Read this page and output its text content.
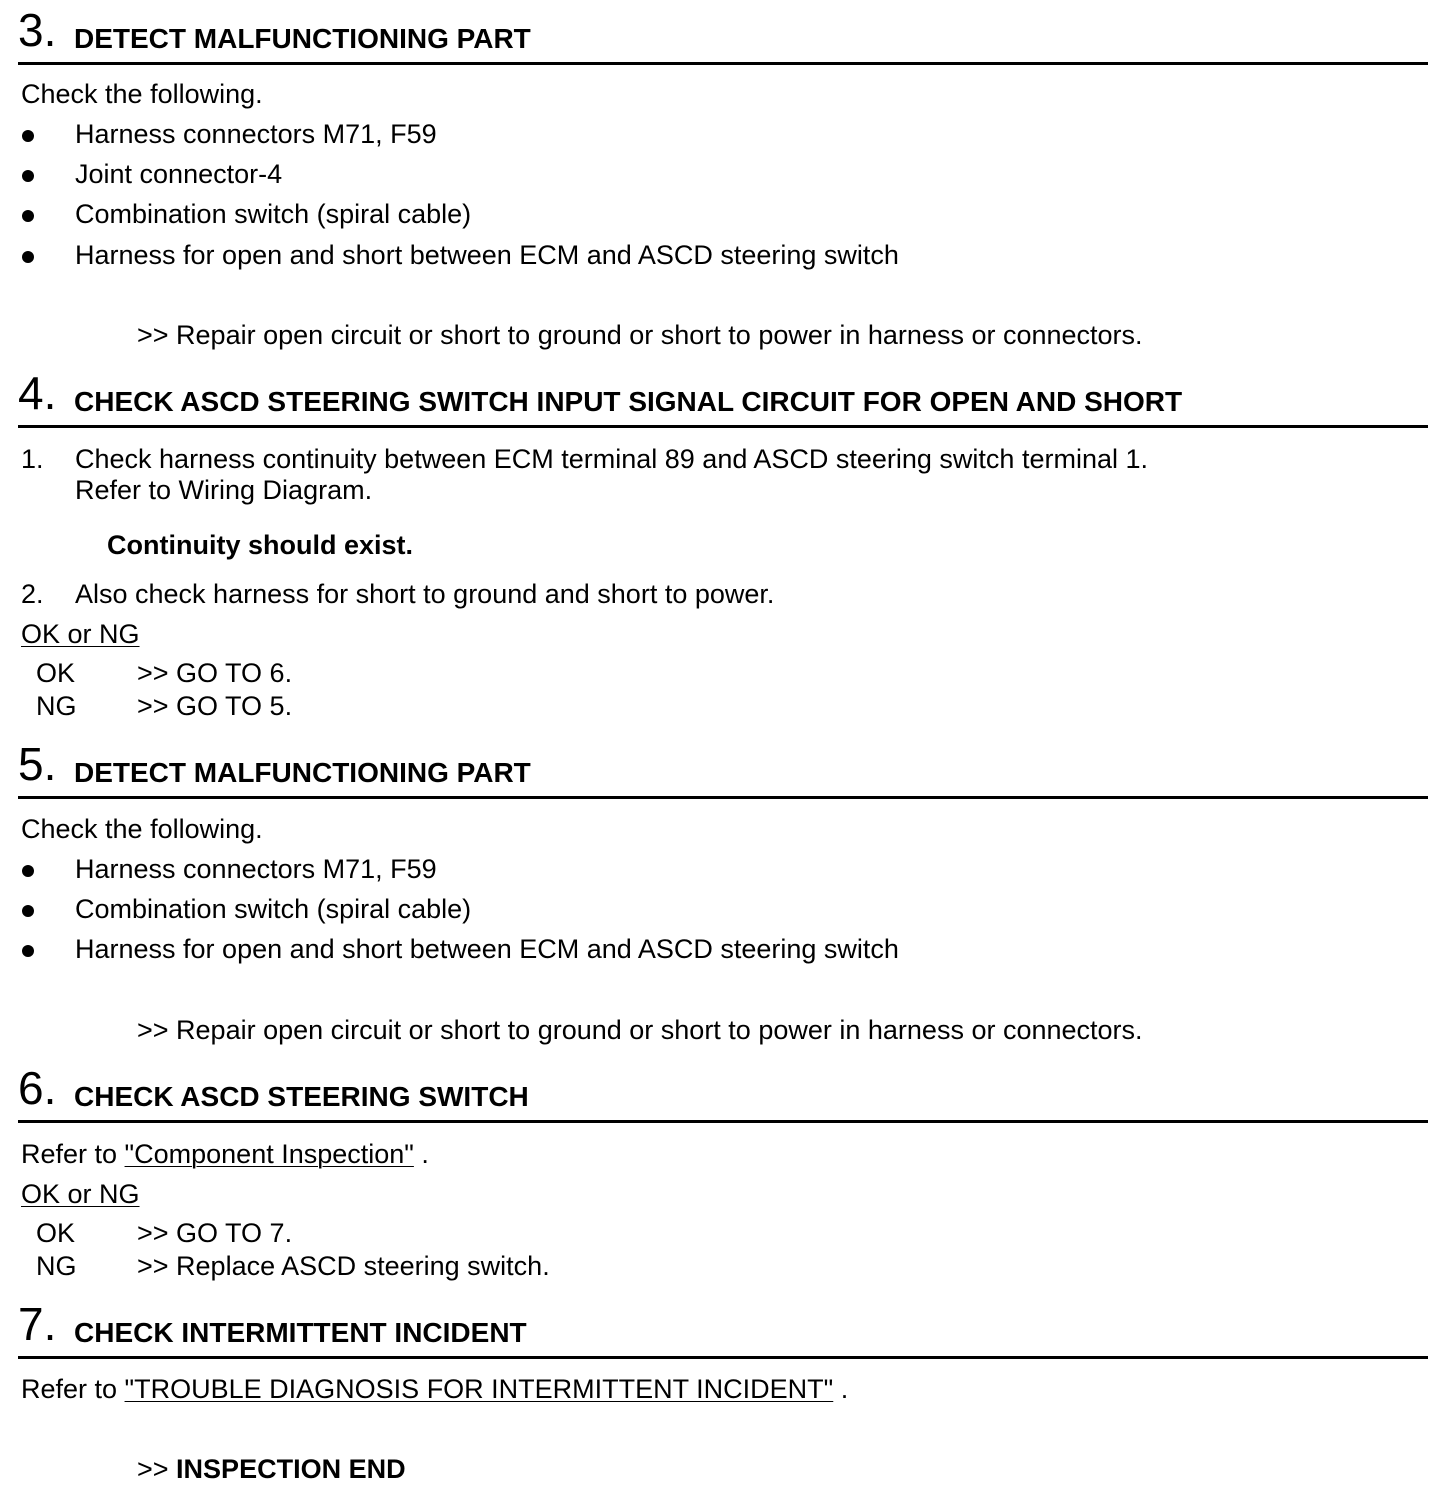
3. DETECT MALFUNCTIONING PART
Check the following.
Harness connectors M71, F59
Joint connector-4
Combination switch (spiral cable)
Harness for open and short between ECM and ASCD steering switch
>> Repair open circuit or short to ground or short to power in harness or connectors.
4. CHECK ASCD STEERING SWITCH INPUT SIGNAL CIRCUIT FOR OPEN AND SHORT
1. Check harness continuity between ECM terminal 89 and ASCD steering switch terminal 1.
Refer to Wiring Diagram.
Continuity should exist.
2. Also check harness for short to ground and short to power.
OK or NG
OK >> GO TO 6.
NG >> GO TO 5.
5. DETECT MALFUNCTIONING PART
Check the following.
Harness connectors M71, F59
Combination switch (spiral cable)
Harness for open and short between ECM and ASCD steering switch
>> Repair open circuit or short to ground or short to power in harness or connectors.
6. CHECK ASCD STEERING SWITCH
Refer to "Component Inspection" .
OK or NG
OK >> GO TO 7.
NG >> Replace ASCD steering switch.
7. CHECK INTERMITTENT INCIDENT
Refer to "TROUBLE DIAGNOSIS FOR INTERMITTENT INCIDENT" .
>> INSPECTION END
